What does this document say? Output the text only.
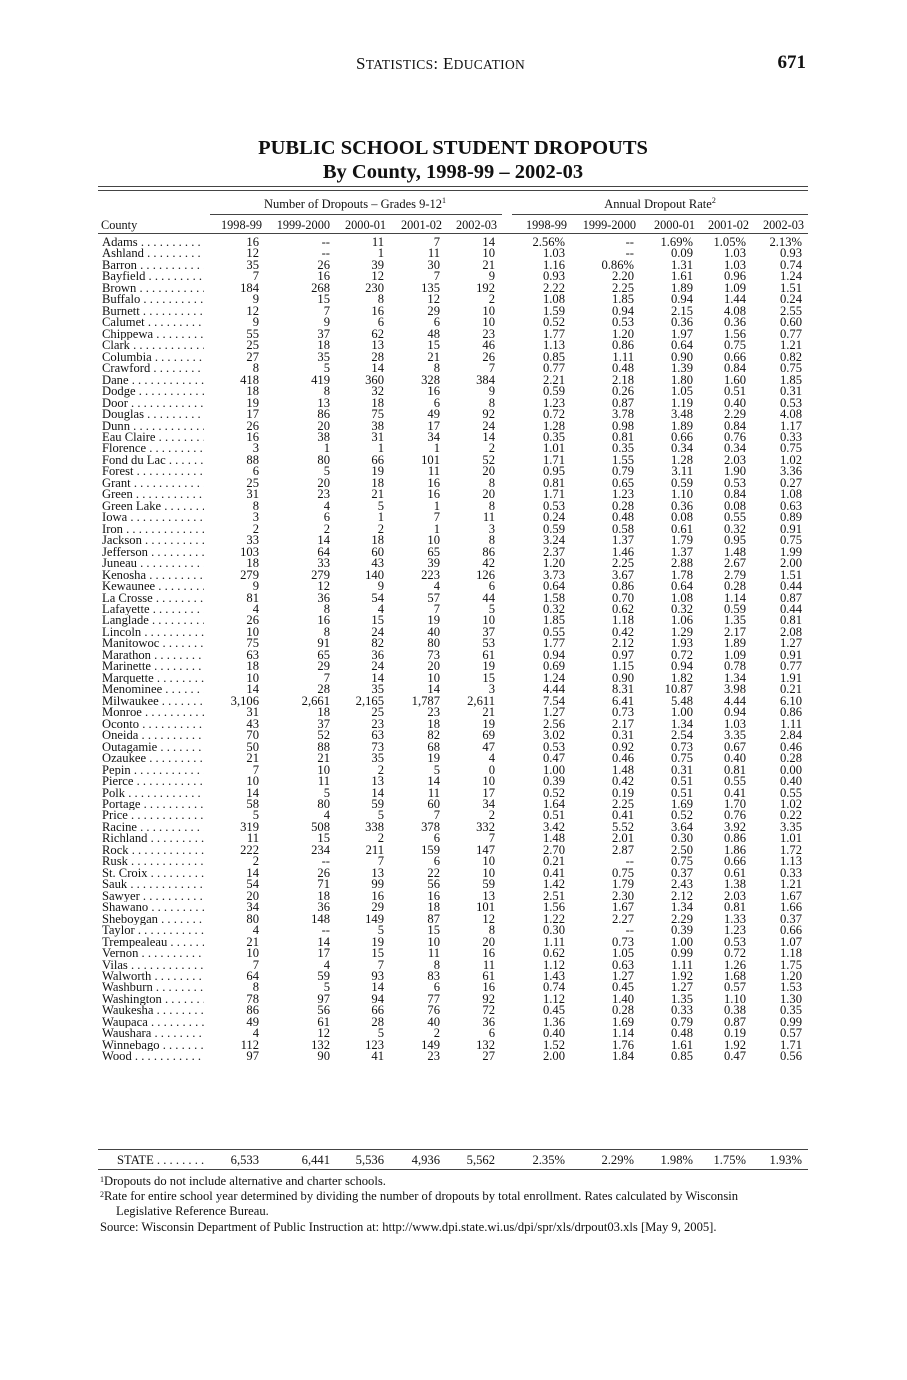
STATISTICS: EDUCATION	671
PUBLIC SCHOOL STUDENT DROPOUTS
By County, 1998-99 – 2002-03
Number of Dropouts – Grades $9-12^1$	Annual Dropout Rate$^2$
County	1998-99 1999-2000 2000-01 2001-02 2002-03 1998-99 1999-2000 2000-01 2001-02 2002-03
Adams . . .	16	--	11	7	14	2.56%	-- 1.69% 1.05% 2.13%
Ashland . . .	12	--	1	11	10	1.03	--	0.09 1.03	0.93
Barron . . .	35	26	39	30	21	1.16	0.86%	1.31 1.03	0.74
Bayfield . . .	7	16	12	7	9	0.93	2.20	1.61 0.96	1.24
Brown . . .	184	268	230	135	192	2.22	2.25	1.89 1.09	1.51
Buffalo . . .	9	15	8	12	2	1.08	1.85	0.94 1.44	0.24
Burnett . . .	12	7	16	29	10	1.59	0.94	2.15 4.08	2.55
Calumet . . .	9	9	6	6	10	0.52	0.53	0.36 0.36	0.60
Chippewa . . .	55	37	62	48	23	1.77	1.20	1.97 1.56	0.77
Clark . . .	25	18	13	15	46	1.13	0.86	0.64 0.75	1.21
Columbia . . .	27	35	28	21	26	0.85	1.11	0.90 0.66	0.82
Crawford . . .	8	5	14	8	7	0.77	0.48	1.39 0.84	0.75
Dane . . .	418	419	360	328	384	2.21	2.18	1.80 1.60	1.85
Dodge . . .	18	8	32	16	9	0.59	0.26	1.05 0.51	0.31
Door . . .	19	13	18	6	8	1.23	0.87	1.19 0.40	0.53
Douglas . . .	17	86	75	49	92	0.72	3.78	3.48 2.29	4.08
Dunn . . .	26	20	38	17	24	1.28	0.98	1.89 0.84	1.17
Eau Claire . . .	16	38	31	34	14	0.35	0.81	0.66 0.76	0.33
Florence . . .	3	1	1	1	2	1.01	0.35	0.34 0.34	0.75
Fond du Lac . . .	88	80	66	101	52	1.71	1.55	1.28 2.03	1.02
Forest . . .	6	5	19	11	20	0.95	0.79	3.11 1.90	3.36
Grant . . .	25	20	18	16	8	0.81	0.65	0.59 0.53	0.27
Green . . .	31	23	21	16	20	1.71	1.23	1.10 0.84	1.08
Green Lake . . .	8	4	5	1	8	0.53	0.28	0.36 0.08	0.63
Iowa . . .	3	6	1	7	11	0.24	0.48	0.08 0.55	0.89
Iron . . .	2	2	2	1	3	0.59	0.58	0.61 0.32	0.91
Jackson . . .	33	14	18	10	8	3.24	1.37	1.79 0.95	0.75
Jefferson . . .	103	64	60	65	86	2.37	1.46	1.37 1.48	1.99
Juneau . . .	18	33	43	39	42	1.20	2.25	2.88 2.67	2.00
Kenosha . . .	279	279	140	223	126	3.73	3.67	1.78 2.79	1.51
Kewaunee . . .	9	12	9	4	6	0.64	0.86	0.64 0.28	0.44
La Crosse . . .	81	36	54	57	44	1.58	0.70	1.08 1.14	0.87
Lafayette . . .	4	8	4	7	5	0.32	0.62	0.32 0.59	0.44
Langlade . . .	26	16	15	19	10	1.85	1.18	1.06 1.35	0.81
Lincoln . . .	10	8	24	40	37	0.55	0.42	1.29 2.17	2.08
Manitowoc . . .	75	91	82	80	53	1.77	2.12	1.93 1.89	1.27
Marathon . . .	63	65	36	73	61	0.94	0.97	0.72 1.09	0.91
Marinette . . .	18	29	24	20	19	0.69	1.15	0.94 0.78	0.77
Marquette . . .	10	7	14	10	15	1.24	0.90	1.82 1.34	1.91
Menominee . . .	14	28	35	14	3	4.44	8.31 10.87 3.98	0.21
Milwaukee . . .	3,106	2,661 2,165 1,787 2,611	7.54	6.41	5.48 4.44	6.10
Monroe . . .	31	18	25	23	21	1.27	0.73	1.00 0.94	0.86
Oconto . . .	43	37	23	18	19	2.56	2.17	1.34 1.03	1.11
Oneida . . .	70	52	63	82	69	3.02	0.31	2.54 3.35	2.84
Outagamie . . .	50	88	73	68	47	0.53	0.92	0.73 0.67	0.46
Ozaukee . . .	21	21	35	19	4	0.47	0.46	0.75 0.40	0.28
Pepin . . .	7	10	2	5	0	1.00	1.48	0.31 0.81	0.00
Pierce . . .	10	11	13	14	10	0.39	0.42	0.51 0.55	0.40
Polk . . .	14	5	14	11	17	0.52	0.19	0.51 0.41	0.55
Portage . . .	58	80	59	60	34	1.64	2.25	1.69 1.70	1.02
Price . . .	5	4	5	7	2	0.51	0.41	0.52 0.76	0.22
Racine . . .	319	508	338	378	332	3.42	5.52	3.64 3.92	3.35
Richland . . .	11	15	2	6	7	1.48	2.01	0.30 0.86	1.01
Rock . . .	222	234	211	159	147	2.70	2.87	2.50 1.86	1.72
Rusk . . .	2	--	7	6	10	0.21	--	0.75 0.66	1.13
St. Croix . . .	14	26	13	22	10	0.41	0.75	0.37 0.61	0.33
Sauk . . .	54	71	99	56	59	1.42	1.79	2.43 1.38	1.21
Sawyer . . .	20	18	16	16	13	2.51	2.30	2.12 2.03	1.67
Shawano . . .	34	36	29	18	101	1.56	1.67	1.34 0.81	1.66
Sheboygan . . .	80	148	149	87	12	1.22	2.27	2.29 1.33	0.37
Taylor . . .	4	--	5	15	8	0.30	--	0.39 1.23	0.66
Trempealeau . . .	21	14	19	10	20	1.11	0.73	1.00 0.53	1.07
Vernon . . .	10	17	15	11	16	0.62	1.05	0.99 0.72	1.18
Vilas . . .	7	4	7	8	11	1.12	0.63	1.11 1.26	1.75
Walworth . . .	64	59	93	83	61	1.43	1.27	1.92 1.68	1.20
Washburn . . .	8	5	14	6	16	0.74	0.45	1.27 0.57	1.53
Washington . . .	78	97	94	77	92	1.12	1.40	1.35 1.10	1.30
Waukesha . . .	86	56	66	76	72	0.45	0.28	0.33 0.38	0.35
Waupaca . . .	49	61	28	40	36	1.36	1.69	0.79 0.87	0.99
Waushara . . .	4	12	5	2	6	0.40	1.14	0.48 0.19	0.57
Winnebago . . .	112	132	123	149	132	1.52	1.76	1.61 1.92	1.71
Wood . . .	97	90	41	23	27	2.00	1.84	0.85 0.47	0.56
STATE . . .	6,533	6,441 5,536 4,936 5,562	2.35%	2.29% 1.98% 1.75% 1.93%
$^1$Dropouts do not include alternative and charter schools.
$^2$Rate for entire school year determined by dividing the number of dropouts by total enrollment. Rates calculated by Wisconsin
Legislative Reference Bureau.
Source: Wisconsin Department of Public Instruction at: http://www.dpi.state.wi.us/dpi/spr/xls/drpout03.xls [May 9, 2005].
